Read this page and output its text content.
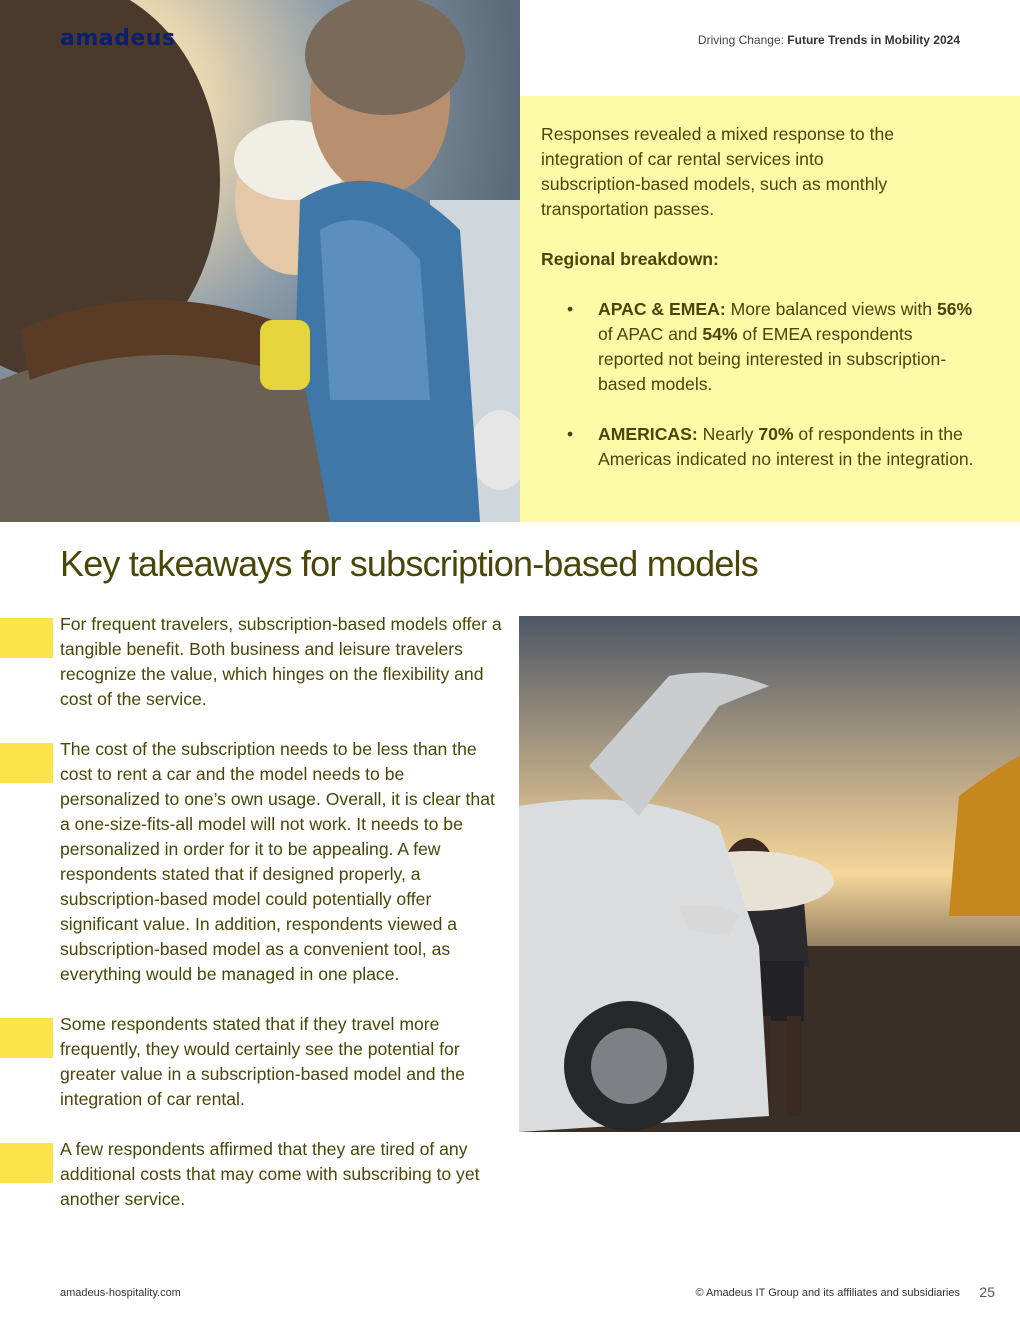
amadeus	Driving Change: Future Trends in Mobility 2024

Responses revealed a mixed response to the integration of car rental services into subscription-based models, such as monthly transportation passes.

Regional breakdown:

• APAC & EMEA: More balanced views with 56% of APAC and 54% of EMEA respondents reported not being interested in subscription-based models.
• AMERICAS: Nearly 70% of respondents in the Americas indicated no interest in the integration.
Key takeaways for subscription-based models

For frequent travelers, subscription-based models offer a tangible benefit. Both business and leisure travelers recognize the value, which hinges on the flexibility and cost of the service.

The cost of the subscription needs to be less than the cost to rent a car and the model needs to be personalized to one’s own usage. Overall, it is clear that a one-size-fits-all model will not work. It needs to be personalized in order for it to be appealing. A few respondents stated that if designed properly, a subscription-based model could potentially offer significant value. In addition, respondents viewed a subscription-based model as a convenient tool, as everything would be managed in one place.

Some respondents stated that if they travel more frequently, they would certainly see the potential for greater value in a subscription-based model and the integration of car rental.

A few respondents affirmed that they are tired of any additional costs that may come with subscribing to yet another service.

amadeus-hospitality.com	© Amadeus IT Group and its affiliates and subsidiaries 25
